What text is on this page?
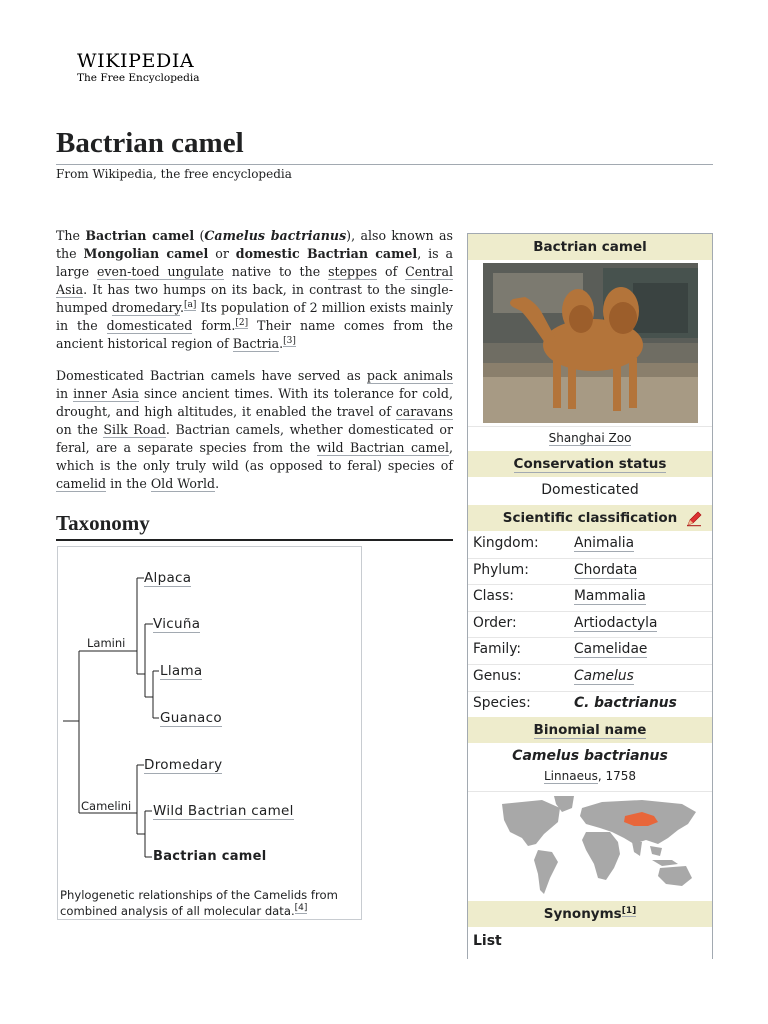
WIKIPEDIA
The Free Encyclopedia
Bactrian camel
From Wikipedia, the free encyclopedia
The Bactrian camel (Camelus bactrianus), also known as the Mongolian camel or domestic Bactrian camel, is a large even-toed ungulate native to the steppes of Central Asia. It has two humps on its back, in contrast to the single-humped dromedary.[a] Its population of 2 million exists mainly in the domesticated form.[2] Their name comes from the ancient historical region of Bactria.[3]
Domesticated Bactrian camels have served as pack animals in inner Asia since ancient times. With its tolerance for cold, drought, and high altitudes, it enabled the travel of caravans on the Silk Road. Bactrian camels, whether domesticated or feral, are a separate species from the wild Bactrian camel, which is the only truly wild (as opposed to feral) species of camelid in the Old World.
Taxonomy
Alpaca
Vicuña
Llama
Guanaco
Dromedary
Wild Bactrian camel
Bactrian camel
Lamini
Camelini
Phylogenetic relationships of the Camelids from combined analysis of all molecular data.[4]
Bactrian camel
Shanghai Zoo
Conservation status
Domesticated
Scientific classification
Kingdom:	Animalia
Phylum:	Chordata
Class:	Mammalia
Order:	Artiodactyla
Family:	Camelidae
Genus:	Camelus
Species:	C. bactrianus
Binomial name
Camelus bactrianus
Linnaeus, 1758
Synonyms[1]
List
